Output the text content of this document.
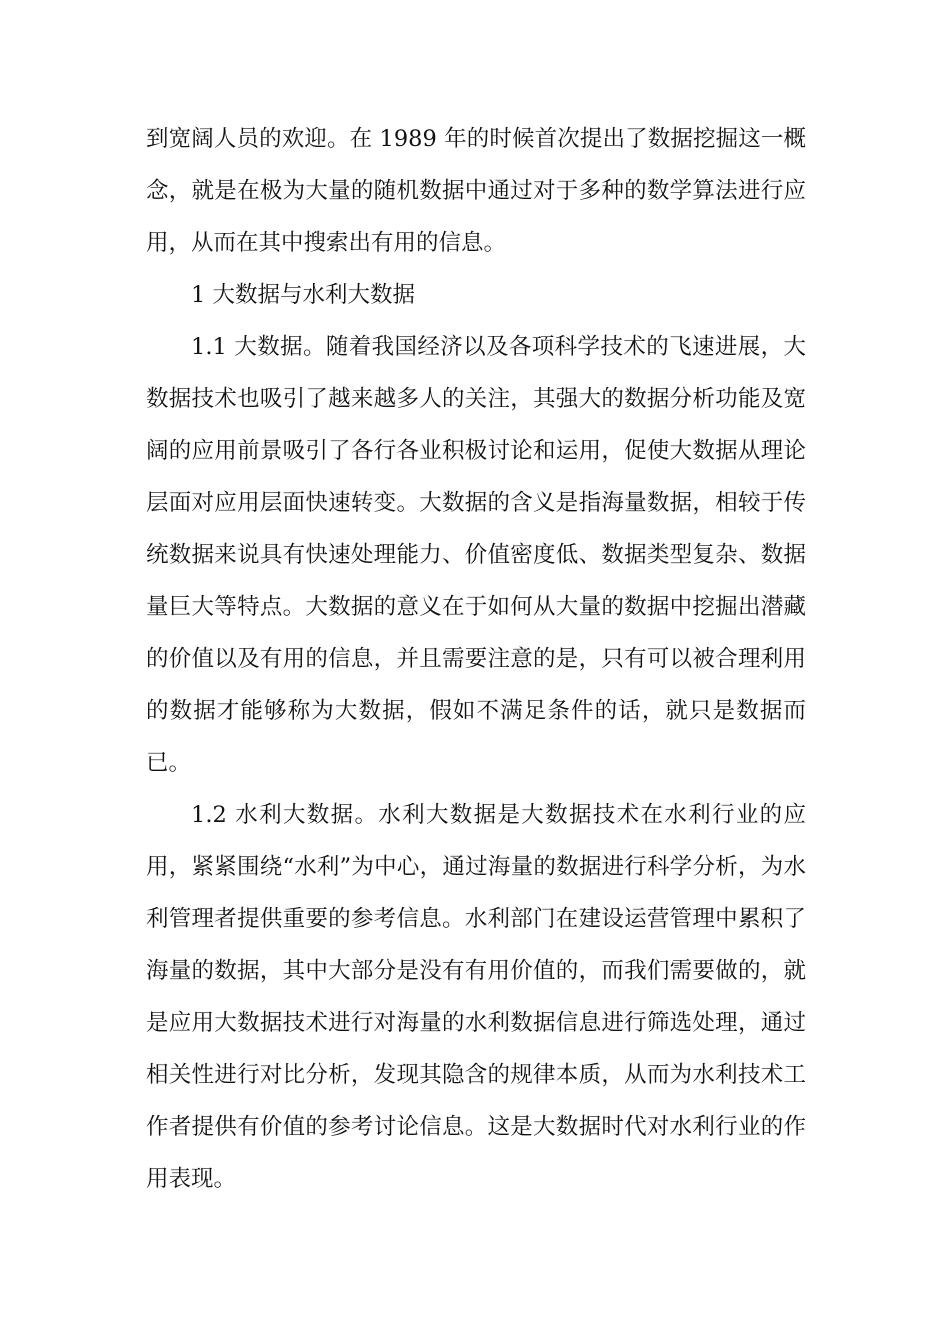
到宽阔人员的欢迎。在 1989 年的时候首次提出了数据挖掘这一概念，就是在极为大量的随机数据中通过对于多种的数学算法进行应用，从而在其中搜索出有用的信息。

1 大数据与水利大数据

1.1 大数据。随着我国经济以及各项科学技术的飞速进展，大数据技术也吸引了越来越多人的关注，其强大的数据分析功能及宽阔的应用前景吸引了各行各业积极讨论和运用，促使大数据从理论层面对应用层面快速转变。大数据的含义是指海量数据，相较于传统数据来说具有快速处理能力、价值密度低、数据类型复杂、数据量巨大等特点。大数据的意义在于如何从大量的数据中挖掘出潜藏的价值以及有用的信息，并且需要注意的是，只有可以被合理利用的数据才能够称为大数据，假如不满足条件的话，就只是数据而已。

1.2 水利大数据。水利大数据是大数据技术在水利行业的应用，紧紧围绕“水利”为中心，通过海量的数据进行科学分析，为水利管理者提供重要的参考信息。水利部门在建设运营管理中累积了海量的数据，其中大部分是没有有用价值的，而我们需要做的，就是应用大数据技术进行对海量的水利数据信息进行筛选处理，通过相关性进行对比分析，发现其隐含的规律本质，从而为水利技术工作者提供有价值的参考讨论信息。这是大数据时代对水利行业的作用表现。
